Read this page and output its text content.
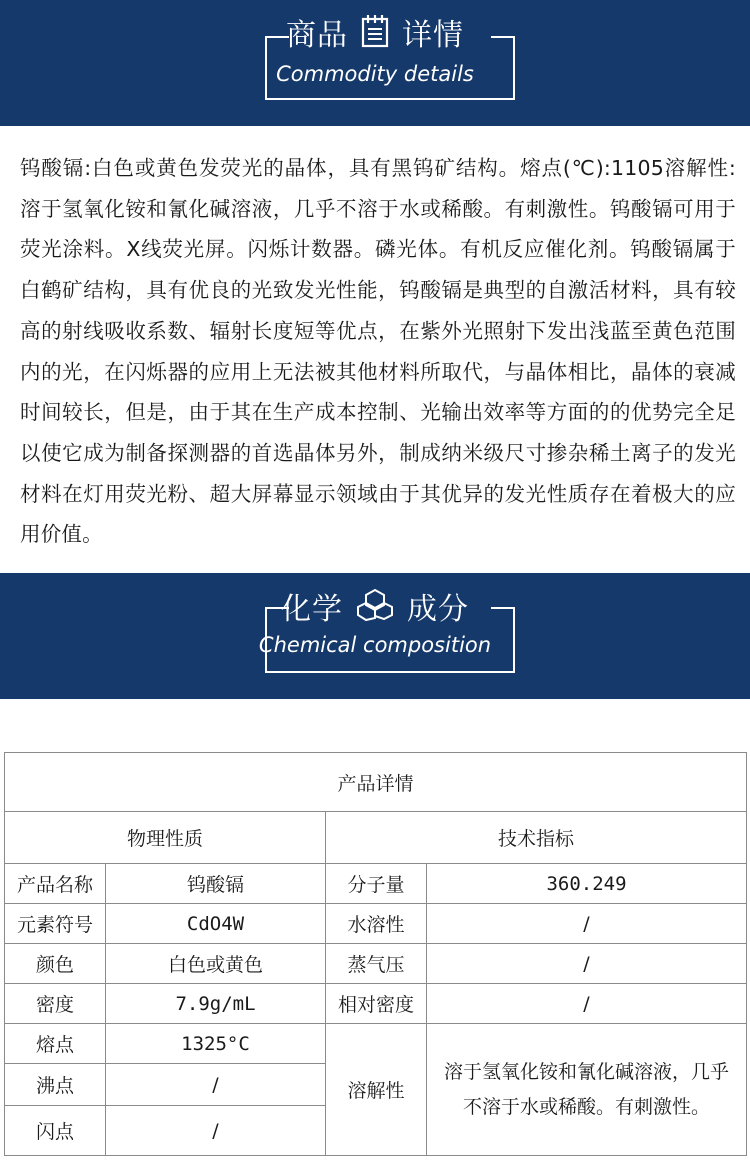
商品 详情
Commodity details
钨酸镉:白色或黄色发荧光的晶体，具有黑钨矿结构。熔点(℃):1105溶解性: 溶于氢氧化铵和氰化碱溶液，几乎不溶于水或稀酸。有刺激性。钨酸镉可用于荧光涂料。X线荧光屏。闪烁计数器。磷光体。有机反应催化剂。钨酸镉属于白鹤矿结构，具有优良的光致发光性能，钨酸镉是典型的自激活材料，具有较高的射线吸收系数、辐射长度短等优点，在紫外光照射下发出浅蓝至黄色范围内的光，在闪烁器的应用上无法被其他材料所取代，与晶体相比，晶体的衰减时间较长，但是，由于其在生产成本控制、光输出效率等方面的的优势完全足以使它成为制备探测器的首选晶体另外，制成纳米级尺寸掺杂稀土离子的发光材料在灯用荧光粉、超大屏幕显示领域由于其优异的发光性质存在着极大的应用价值。
化学 成分
Chemical composition
产品详情			
物理性质		技术指标	
产品名称	钨酸镉	分子量	360.249
元素符号	CdO4W	水溶性	/
颜色	白色或黄色	蒸气压	/
密度	7.9g/mL	相对密度	/
熔点	1325°C	溶解性	溶于氢氧化铵和氰化碱溶液，几乎不溶于水或稀酸。有刺激性。
沸点	/		
闪点	/		
